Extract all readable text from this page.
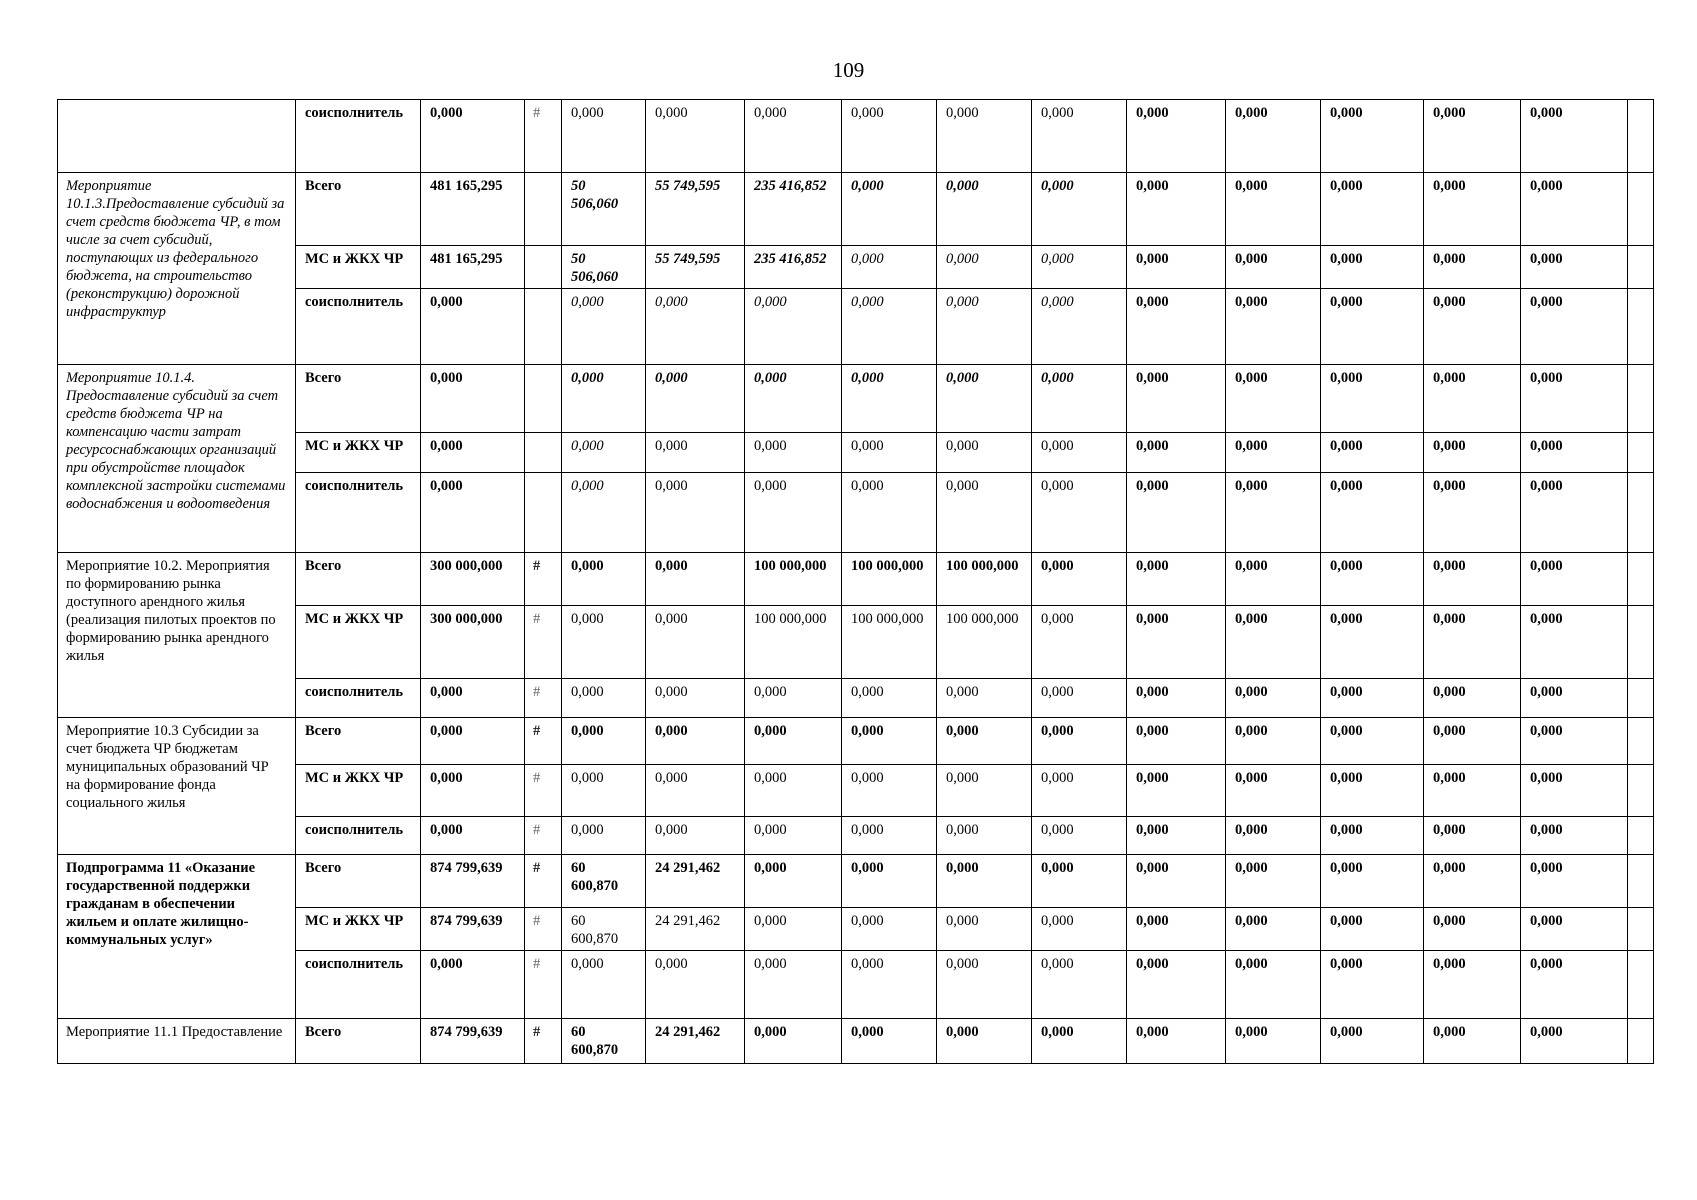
109
	соисполнитель	0,000	#	0,000	0,000	0,000	0,000	0,000	0,000	0,000	0,000	0,000	0,000	0,000	
Мероприятие 10.1.3.Предоставление субсидий за счет средств бюджета ЧР, в том числе за счет субсидий, поступающих из федерального бюджета, на строительство (реконструкцию) дорожной инфраструктур	Всего	481 165,295		50 506,060	55 749,595	235 416,852	0,000	0,000	0,000	0,000	0,000	0,000	0,000	0,000	
	МС и ЖКХ ЧР	481 165,295		50 506,060	55 749,595	235 416,852	0,000	0,000	0,000	0,000	0,000	0,000	0,000	0,000	
	соисполнитель	0,000		0,000	0,000	0,000	0,000	0,000	0,000	0,000	0,000	0,000	0,000	0,000	
Мероприятие 10.1.4. Предоставление субсидий за счет средств бюджета ЧР на компенсацию части затрат ресурсоснабжающих организаций при обустройстве площадок комплексной застройки системами водоснабжения и водоотведения	Всего	0,000		0,000	0,000	0,000	0,000	0,000	0,000	0,000	0,000	0,000	0,000	0,000	
	МС и ЖКХ ЧР	0,000		0,000	0,000	0,000	0,000	0,000	0,000	0,000	0,000	0,000	0,000	0,000	
	соисполнитель	0,000		0,000	0,000	0,000	0,000	0,000	0,000	0,000	0,000	0,000	0,000	0,000	
Мероприятие 10.2. Мероприятия по формированию рынка доступного арендного жилья (реализация пилотых проектов по формированию рынка арендного жилья	Всего	300 000,000	#	0,000	0,000	100 000,000	100 000,000	100 000,000	0,000	0,000	0,000	0,000	0,000	0,000	
	МС и ЖКХ ЧР	300 000,000	#	0,000	0,000	100 000,000	100 000,000	100 000,000	0,000	0,000	0,000	0,000	0,000	0,000	
	соисполнитель	0,000	#	0,000	0,000	0,000	0,000	0,000	0,000	0,000	0,000	0,000	0,000	0,000	
Мероприятие 10.3 Субсидии за счет бюджета ЧР бюджетам муниципальных образований ЧР на формирование фонда социального жилья	Всего	0,000	#	0,000	0,000	0,000	0,000	0,000	0,000	0,000	0,000	0,000	0,000	0,000	
	МС и ЖКХ ЧР	0,000	#	0,000	0,000	0,000	0,000	0,000	0,000	0,000	0,000	0,000	0,000	0,000	
	соисполнитель	0,000	#	0,000	0,000	0,000	0,000	0,000	0,000	0,000	0,000	0,000	0,000	0,000	
Подпрограмма 11 «Оказание государственной поддержки гражданам в обеспечении жильем и оплате жилищно-коммунальных услуг»	Всего	874 799,639	#	60 600,870	24 291,462	0,000	0,000	0,000	0,000	0,000	0,000	0,000	0,000	0,000	
	МС и ЖКХ ЧР	874 799,639	#	60 600,870	24 291,462	0,000	0,000	0,000	0,000	0,000	0,000	0,000	0,000	0,000	
	соисполнитель	0,000	#	0,000	0,000	0,000	0,000	0,000	0,000	0,000	0,000	0,000	0,000	0,000	
Мероприятие 11.1 Предоставление	Всего	874 799,639	#	60 600,870	24 291,462	0,000	0,000	0,000	0,000	0,000	0,000	0,000	0,000	0,000	
